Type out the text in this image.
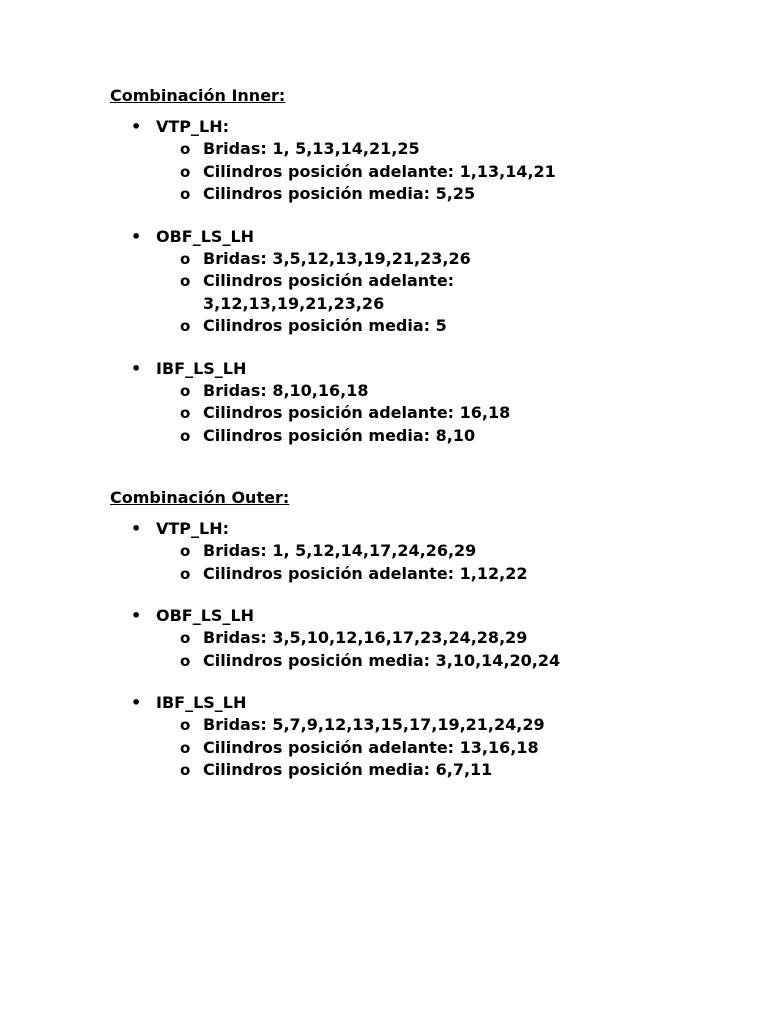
Combinación Inner:
• VTP_LH:
o Bridas: 1, 5,13,14,21,25
o Cilindros posición adelante: 1,13,14,21
o Cilindros posición media: 5,25
• OBF_LS_LH
o Bridas: 3,5,12,13,19,21,23,26
o Cilindros posición adelante: 3,12,13,19,21,23,26
o Cilindros posición media: 5
• IBF_LS_LH
o Bridas: 8,10,16,18
o Cilindros posición adelante: 16,18
o Cilindros posición media: 8,10
Combinación Outer:
• VTP_LH:
o Bridas: 1, 5,12,14,17,24,26,29
o Cilindros posición adelante: 1,12,22
• OBF_LS_LH
o Bridas: 3,5,10,12,16,17,23,24,28,29
o Cilindros posición media: 3,10,14,20,24
• IBF_LS_LH
o Bridas: 5,7,9,12,13,15,17,19,21,24,29
o Cilindros posición adelante: 13,16,18
o Cilindros posición media: 6,7,11
